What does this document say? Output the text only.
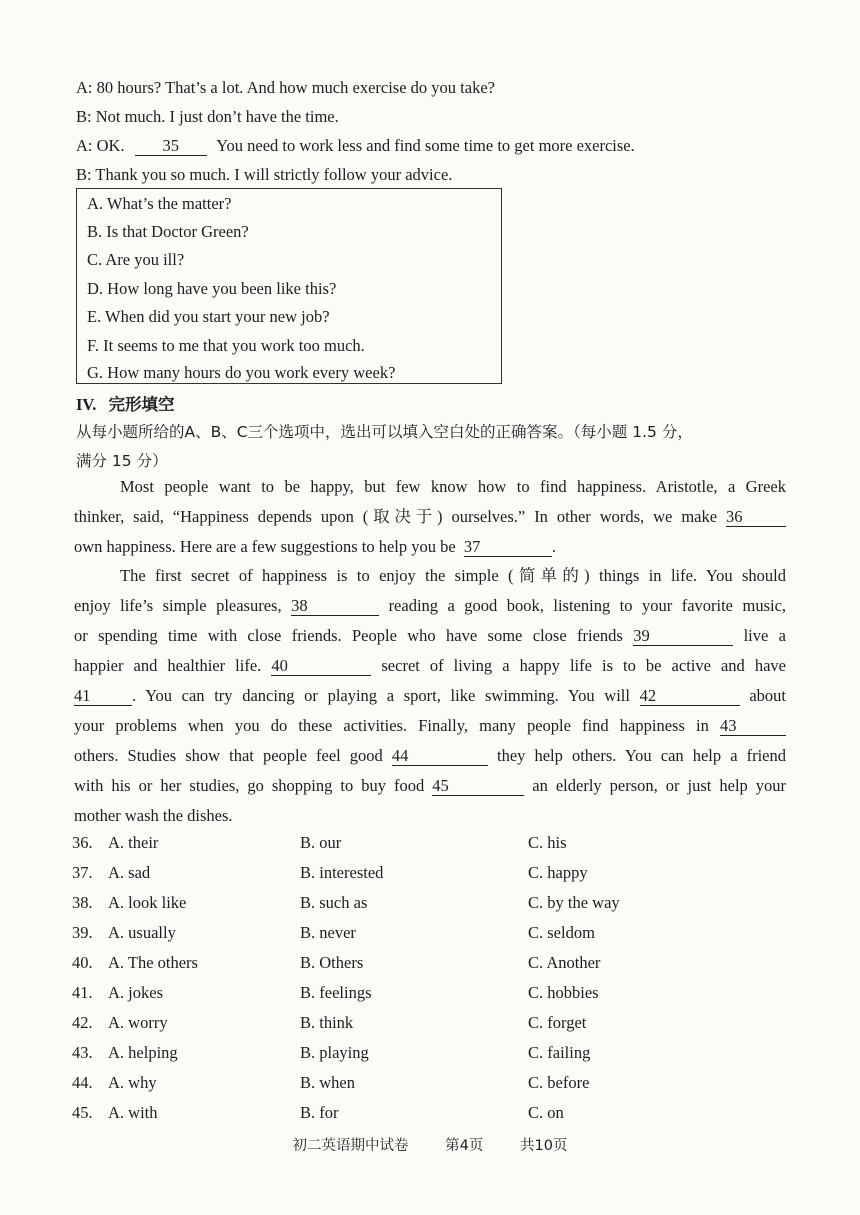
A: 80 hours? That’s a lot. And how much exercise do you take?
B: Not much. I just don’t have the time.
A: OK. 35 You need to work less and find some time to get more exercise.
B: Thank you so much. I will strictly follow your advice.
A. What’s the matter?
B. Is that Doctor Green?
C. Are you ill?
D. How long have you been like this?
E. When did you start your new job?
F. It seems to me that you work too much.
G. How many hours do you work every week?
IV. 完形填空
从每小题所给的A、B、C三个选项中，选出可以填入空白处的正确答案。（每小题 1.5 分，
满分 15 分）
Most people want to be happy, but few know how to find happiness. Aristotle, a Greek
thinker, said, “Happiness depends upon (取决于) ourselves.” In other words, we make 36
own happiness. Here are a few suggestions to help you be 37	.
The first secret of happiness is to enjoy the simple (简单的) things in life. You should
enjoy life’s simple pleasures, 38	reading a good book, listening to your favorite music,
or spending time with close friends. People who have some close friends 39	live a
happier and healthier life. 40	secret of living a happy life is to be active and have
41	. You can try dancing or playing a sport, like swimming. You will 42	about
your problems when you do these activities. Finally, many people find happiness in 43
others. Studies show that people feel good 44	they help others. You can help a friend
with his or her studies, go shopping to buy food 45	an elderly person, or just help your
mother wash the dishes.
36. A. their	B. our	C. his
37. A. sad	B. interested	C. happy
38. A. look like	B. such as	C. by the way
39. A. usually	B. never	C. seldom
40. A. The others	B. Others	C. Another
41. A. jokes	B. feelings	C. hobbies
42. A. worry	B. think	C. forget
43. A. helping	B. playing	C. failing
44. A. why	B. when	C. before
45. A. with	B. for	C. on
初二英语期中试卷	第4页	共10页
